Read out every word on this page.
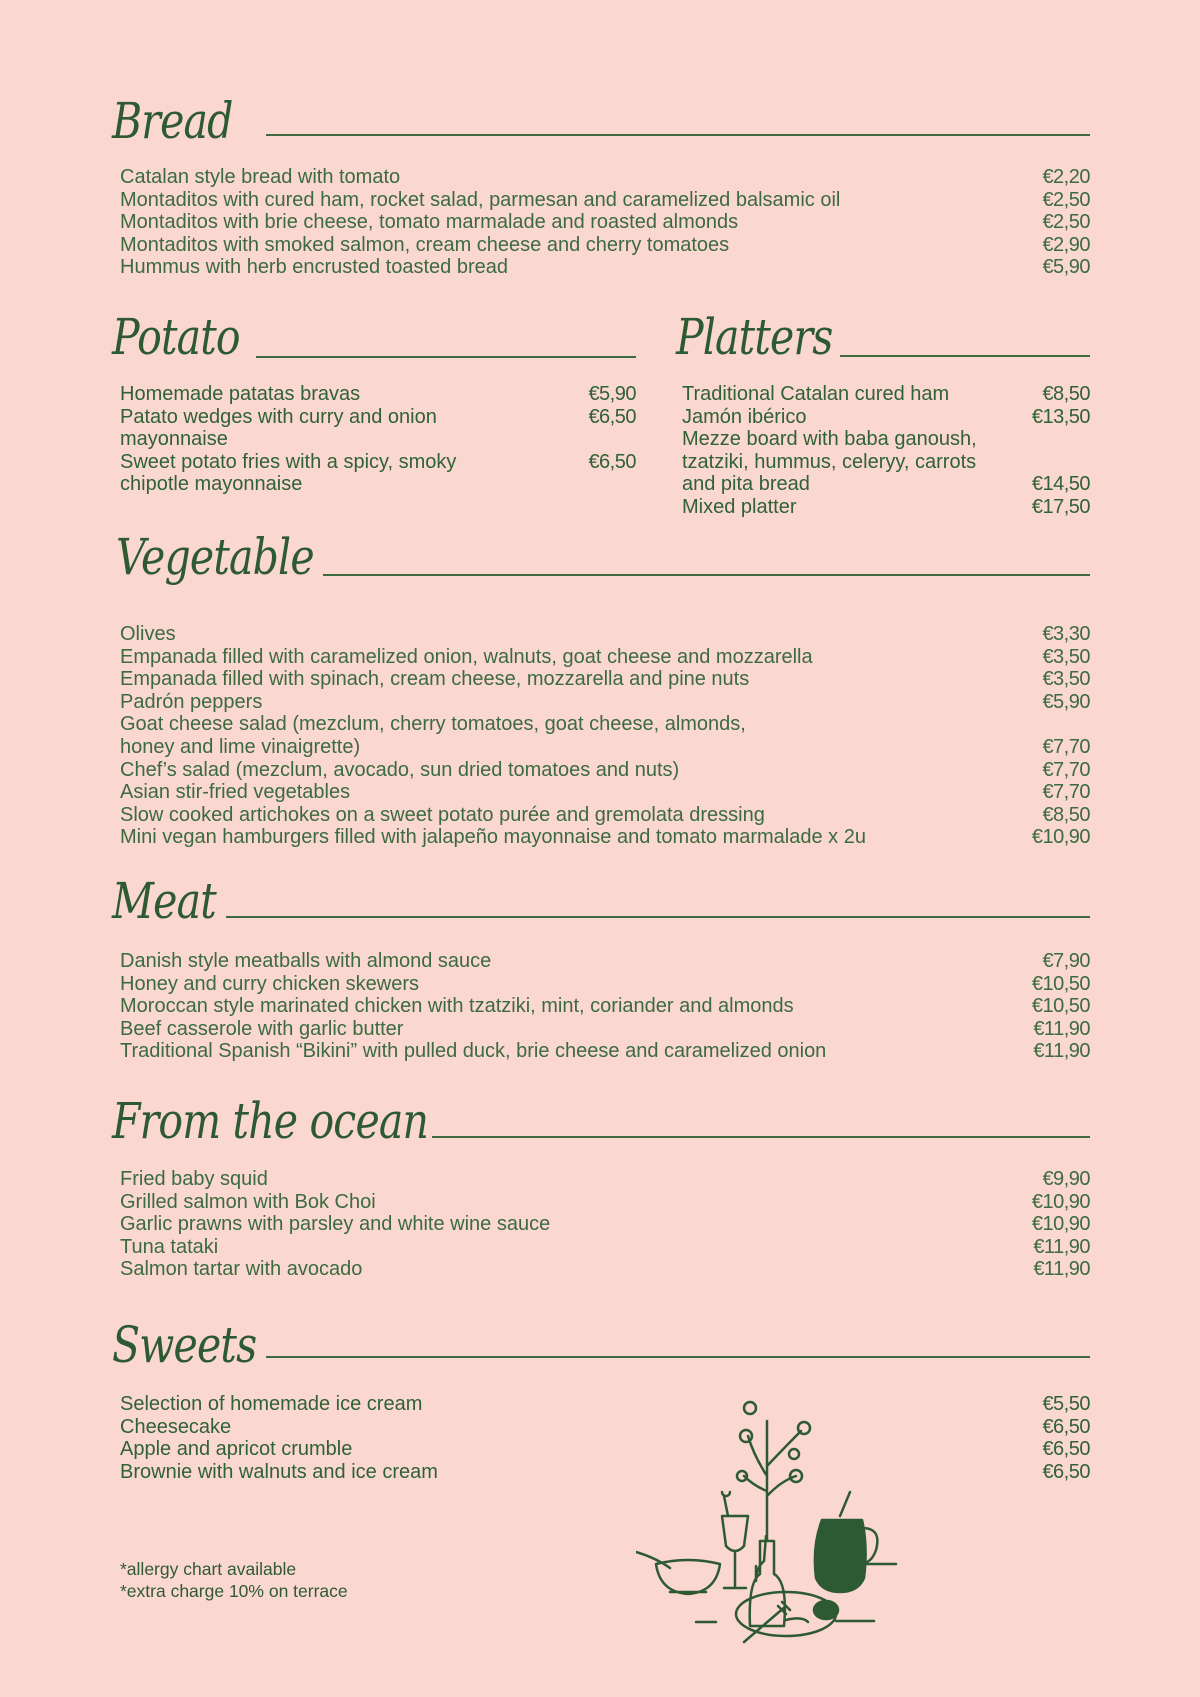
Bread
Catalan style bread with tomato	€2,20
Montaditos with cured ham, rocket salad, parmesan and caramelized balsamic oil	€2,50
Montaditos with brie cheese, tomato marmalade and roasted almonds	€2,50
Montaditos with smoked salmon, cream cheese and cherry tomatoes	€2,90
Hummus with herb encrusted toasted bread	€5,90
Potato
Homemade patatas bravas	€5,90
Patato wedges with curry and onion	€6,50
mayonnaise
Sweet potato fries with a spicy, smoky	€6,50
chipotle mayonnaise
Platters
Traditional Catalan cured ham	€8,50
Jamón ibérico	€13,50
Mezze board with baba ganoush,
tzatziki, hummus, celeryy, carrots
and pita bread	€14,50
Mixed platter	€17,50
Vegetable
Olives	€3,30
Empanada filled with caramelized onion, walnuts, goat cheese and mozzarella	€3,50
Empanada filled with spinach, cream cheese, mozzarella and pine nuts	€3,50
Padrón peppers	€5,90
Goat cheese salad (mezclum, cherry tomatoes, goat cheese, almonds,
honey and lime vinaigrette)	€7,70
Chef’s salad (mezclum, avocado, sun dried tomatoes and nuts)	€7,70
Asian stir-fried vegetables	€7,70
Slow cooked artichokes on a sweet potato purée and gremolata dressing	€8,50
Mini vegan hamburgers filled with jalapeño mayonnaise and tomato marmalade x 2u	€10,90
Meat
Danish style meatballs with almond sauce	€7,90
Honey and curry chicken skewers	€10,50
Moroccan style marinated chicken with tzatziki, mint, coriander and almonds	€10,50
Beef casserole with garlic butter	€11,90
Traditional Spanish “Bikini” with pulled duck, brie cheese and caramelized onion	€11,90
From the ocean
Fried baby squid	€9,90
Grilled salmon with Bok Choi	€10,90
Garlic prawns with parsley and white wine sauce	€10,90
Tuna tataki	€11,90
Salmon tartar with avocado	€11,90
Sweets
Selection of homemade ice cream	€5,50
Cheesecake	€6,50
Apple and apricot crumble	€6,50
Brownie with walnuts and ice cream	€6,50
*allergy chart available
*extra charge 10% on terrace
